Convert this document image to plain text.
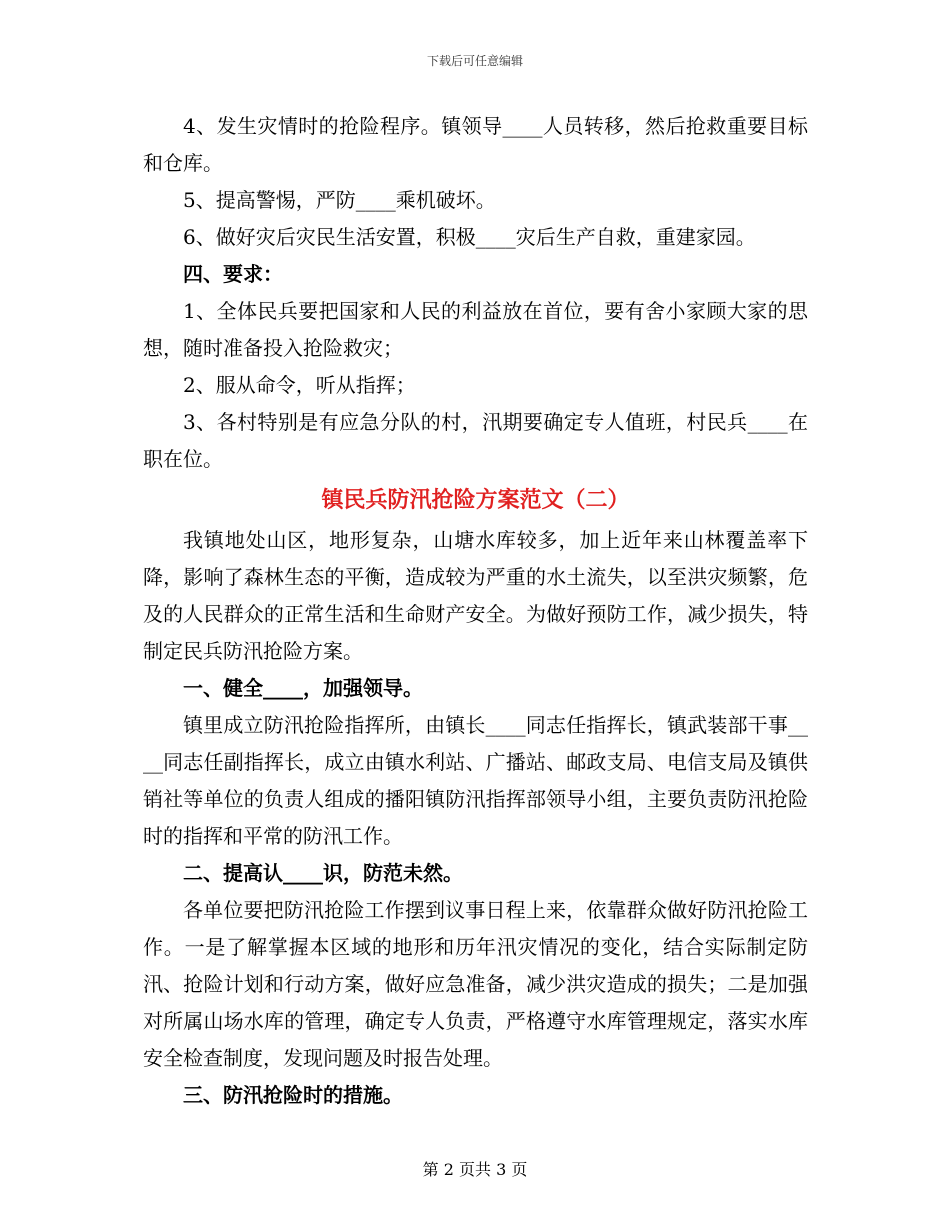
下载后可任意编辑

4、发生灾情时的抢险程序。镇领导____人员转移，然后抢救重要目标和仓库。

5、提高警惕，严防____乘机破坏。

6、做好灾后灾民生活安置，积极____灾后生产自救，重建家园。

四、要求：

1、全体民兵要把国家和人民的利益放在首位，要有舍小家顾大家的思想，随时准备投入抢险救灾；

2、服从命令，听从指挥；

3、各村特别是有应急分队的村，汛期要确定专人值班，村民兵____在职在位。

镇民兵防汛抢险方案范文（二）

我镇地处山区，地形复杂，山塘水库较多，加上近年来山林覆盖率下降，影响了森林生态的平衡，造成较为严重的水土流失，以至洪灾频繁，危及的人民群众的正常生活和生命财产安全。为做好预防工作，减少损失，特制定民兵防汛抢险方案。

一、健全____，加强领导。

镇里成立防汛抢险指挥所，由镇长____同志任指挥长，镇武装部干事____同志任副指挥长，成立由镇水利站、广播站、邮政支局、电信支局及镇供销社等单位的负责人组成的播阳镇防汛指挥部领导小组，主要负责防汛抢险时的指挥和平常的防汛工作。

二、提高认____识，防范未然。

各单位要把防汛抢险工作摆到议事日程上来，依靠群众做好防汛抢险工作。一是了解掌握本区域的地形和历年汛灾情况的变化，结合实际制定防汛、抢险计划和行动方案，做好应急准备，减少洪灾造成的损失；二是加强对所属山场水库的管理，确定专人负责，严格遵守水库管理规定，落实水库安全检查制度，发现问题及时报告处理。

三、防汛抢险时的措施。

第 2 页共 3 页
